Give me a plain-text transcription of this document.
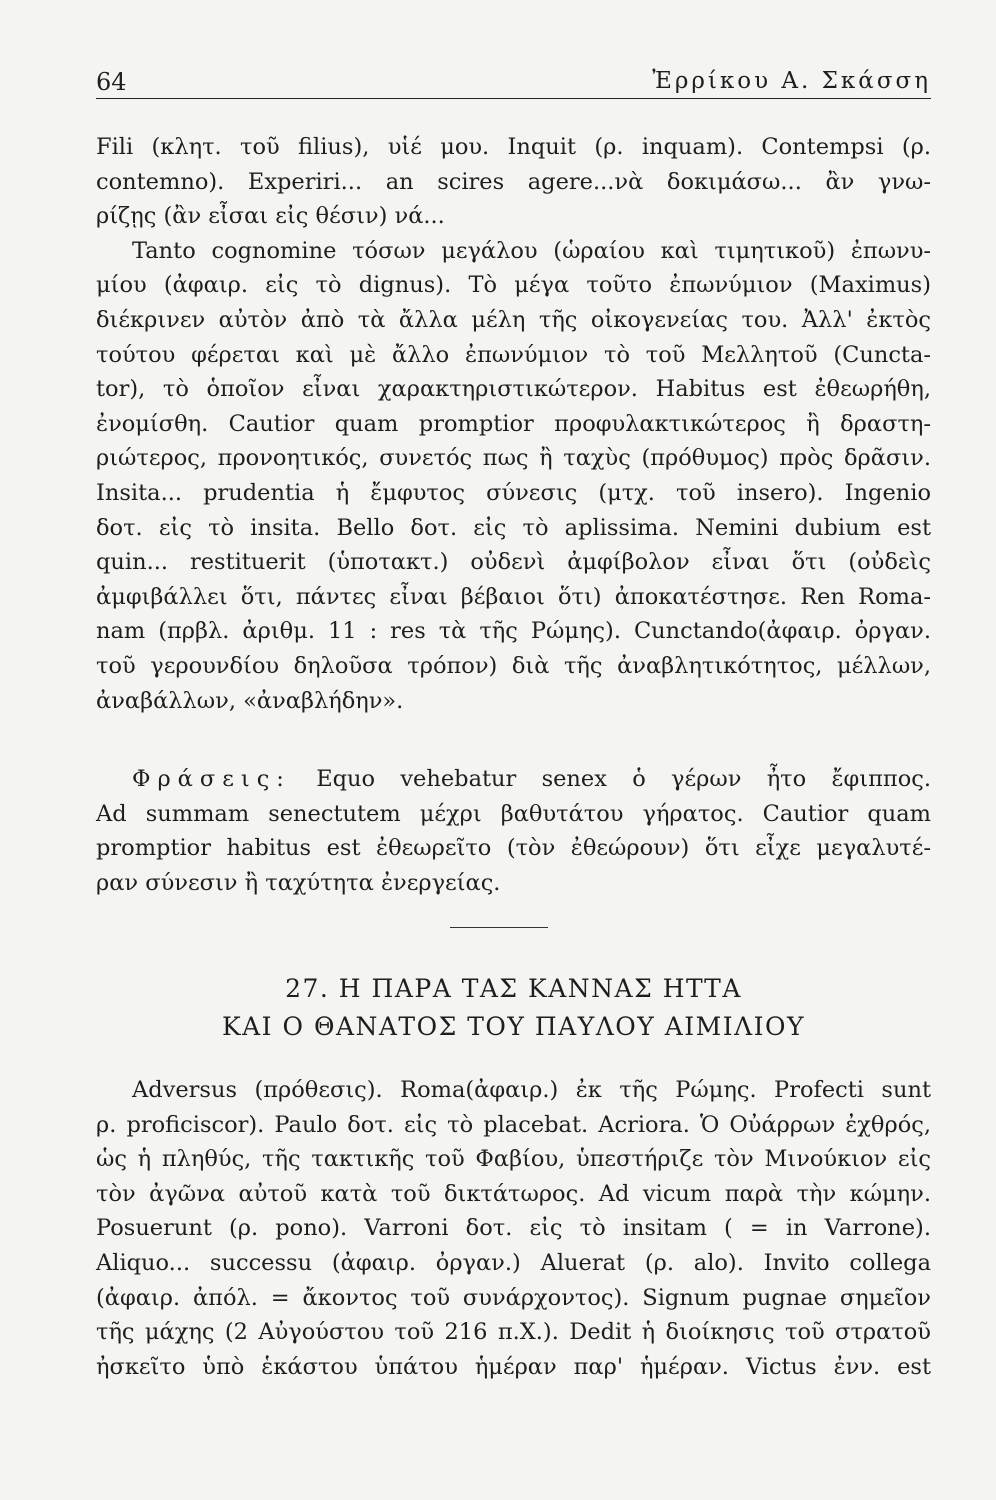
64	Ἐρρίκου Α. Σκάσση
Fili (κλητ. τοῦ filius), υἱέ μου. Inquit (ρ. inquam). Contempsi (ρ.
contemno). Experiri... an scires agere...νὰ δοκιμάσω... ἂν γνω-
ρίζῃς (ἂν εἶσαι εἰς θέσιν) νά...
Tanto cognomine τόσων μεγάλου (ὡραίου καὶ τιμητικοῦ) ἐπωνυ-
μίου (ἀφαιρ. εἰς τὸ dignus). Τὸ μέγα τοῦτο ἐπωνύμιον (Maximus)
διέκρινεν αὐτὸν ἀπὸ τὰ ἄλλα μέλη τῆς οἰκογενείας του. Ἀλλ' ἐκτὸς
τούτου φέρεται καὶ μὲ ἄλλο ἐπωνύμιον τὸ τοῦ Μελλητοῦ (Cuncta-
tor), τὸ ὁποῖον εἶναι χαρακτηριστικώτερον. Habitus est ἐθεωρήθη,
ἐνομίσθη. Cautior quam promptior προφυλακτικώτερος ἢ δραστη-
ριώτερος, προνοητικός, συνετός πως ἢ ταχὺς (πρόθυμος) πρὸς δρᾶσιν.
Insita... prudentia ἡ ἔμφυτος σύνεσις (μτχ. τοῦ insero). Ingenio
δοτ. εἰς τὸ insita. Bello δοτ. εἰς τὸ aplissima. Nemini dubium est
quin... restituerit (ὑποτακτ.) οὐδενὶ ἀμφίβολον εἶναι ὅτι (οὐδεὶς
ἀμφιβάλλει ὅτι, πάντες εἶναι βέβαιοι ὅτι) ἀποκατέστησε. Ren Roma-
nam (πρβλ. ἀριθμ. 11 : res τὰ τῆς Ρώμης). Cunctando(ἀφαιρ. ὀργαν.
τοῦ γερουνδίου δηλοῦσα τρόπον) διὰ τῆς ἀναβλητικότητος, μέλλων,
ἀναβάλλων, «ἀναβλήδην».
Φράσεις: Equo vehebatur senex ὁ γέρων ἦτο ἔφιππος.
Ad summam senectutem μέχρι βαθυτάτου γήρατος. Cautior quam
promptior habitus est ἐθεωρεῖτο (τὸν ἐθεώρουν) ὅτι εἶχε μεγαλυτέ-
ραν σύνεσιν ἢ ταχύτητα ἐνεργείας.
27. Η ΠΑΡΑ ΤΑΣ ΚΑΝΝΑΣ ΗΤΤΑ
ΚΑΙ Ο ΘΑΝΑΤΟΣ ΤΟΥ ΠΑΥΛΟΥ ΑΙΜΙΛΙΟΥ
Adversus (πρόθεσις). Roma(ἀφαιρ.) ἐκ τῆς Ρώμης. Profecti sunt
ρ. proficiscor). Paulo δοτ. εἰς τὸ placebat. Acriora. Ὁ Οὐάρρων ἐχθρός,
ὡς ἡ πληθύς, τῆς τακτικῆς τοῦ Φαβίου, ὑπεστήριζε τὸν Μινούκιον εἰς
τὸν ἀγῶνα αὐτοῦ κατὰ τοῦ δικτάτωρος. Ad vicum παρὰ τὴν κώμην.
Posuerunt (ρ. pono). Varroni δοτ. εἰς τὸ insitam ( = in Varrone).
Aliquo... successu (ἀφαιρ. ὀργαν.) Aluerat (ρ. alo). Invito collega
(ἀφαιρ. ἀπόλ. = ἄκοντος τοῦ συνάρχοντος). Signum pugnae σημεῖον
τῆς μάχης (2 Αὐγούστου τοῦ 216 π.Χ.). Dedit ἡ διοίκησις τοῦ στρατοῦ
ἠσκεῖτο ὑπὸ ἑκάστου ὑπάτου ἡμέραν παρ' ἡμέραν. Victus ἐνν. est
